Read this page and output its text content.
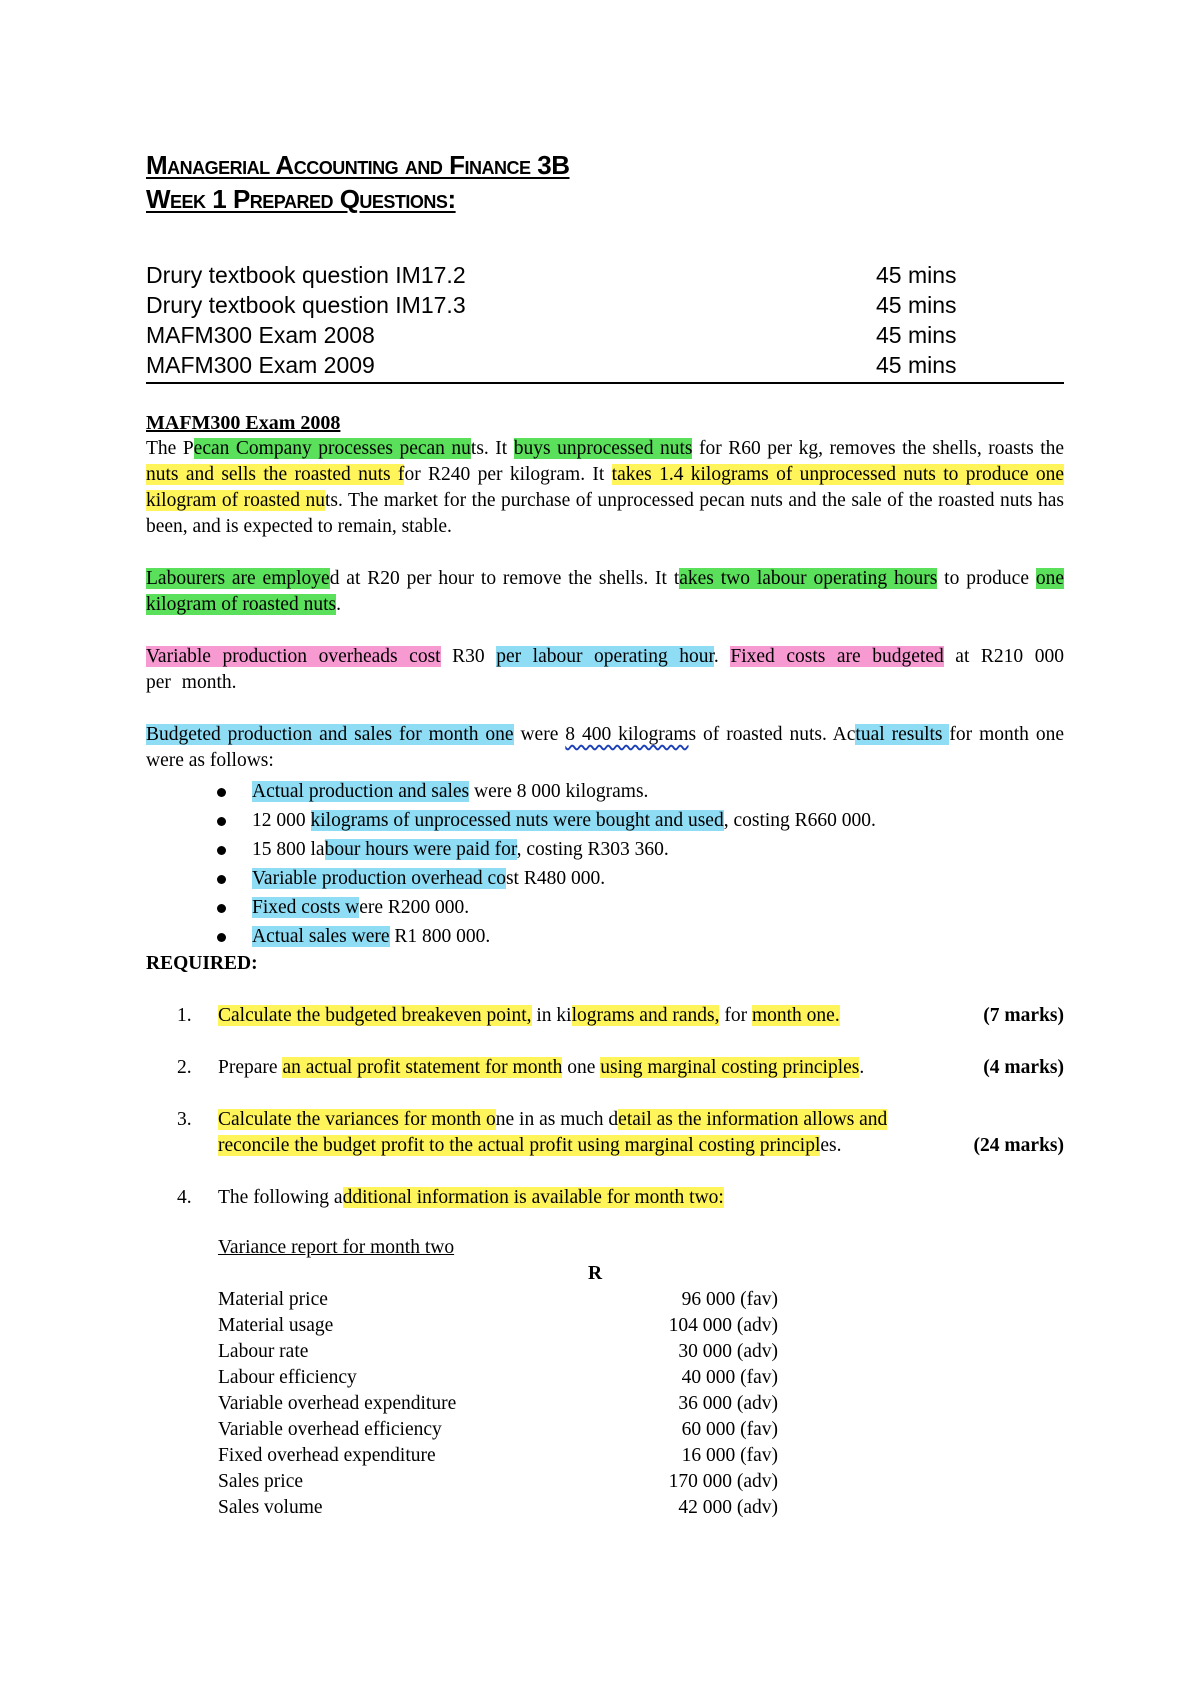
Managerial Accounting and Finance 3B
Week 1 Prepared Questions:
Drury textbook question IM17.2	45 mins
Drury textbook question IM17.3	45 mins
MAFM300 Exam 2008	45 mins
MAFM300 Exam 2009	45 mins

MAFM300 Exam 2008

The Pecan Company processes pecan nuts. It buys unprocessed nuts for R60 per kg, removes the shells, roasts the nuts and sells the roasted nuts for R240 per kilogram. It takes 1.4 kilograms of unprocessed nuts to produce one kilogram of roasted nuts. The market for the purchase of unprocessed pecan nuts and the sale of the roasted nuts has been, and is expected to remain, stable.

Labourers are employed at R20 per hour to remove the shells. It takes two labour operating hours to produce one kilogram of roasted nuts.

Variable production overheads cost R30 per labour operating hour. Fixed costs are budgeted at R210 000 per month.

Budgeted production and sales for month one were 8 400 kilograms of roasted nuts. Actual results for month one were as follows:

Actual production and sales were 8 000 kilograms.
12 000 kilograms of unprocessed nuts were bought and used, costing R660 000.
15 800 labour hours were paid for, costing R303 360.
Variable production overhead cost R480 000.
Fixed costs were R200 000.
Actual sales were R1 800 000.

REQUIRED:

1. Calculate the budgeted breakeven point, in kilograms and rands, for month one.	(7 marks)
2. Prepare an actual profit statement for month one using marginal costing principles.	(4 marks)
3. Calculate the variances for month one in as much detail as the information allows and reconcile the budget profit to the actual profit using marginal costing principles.	(24 marks)
4. The following additional information is available for month two:
Variance report for month two
R
Material price	96 000 (fav)
Material usage	104 000 (adv)
Labour rate	30 000 (adv)
Labour efficiency	40 000 (fav)
Variable overhead expenditure	36 000 (adv)
Variable overhead efficiency	60 000 (fav)
Fixed overhead expenditure	16 000 (fav)
Sales price	170 000 (adv)
Sales volume	42 000 (adv)
